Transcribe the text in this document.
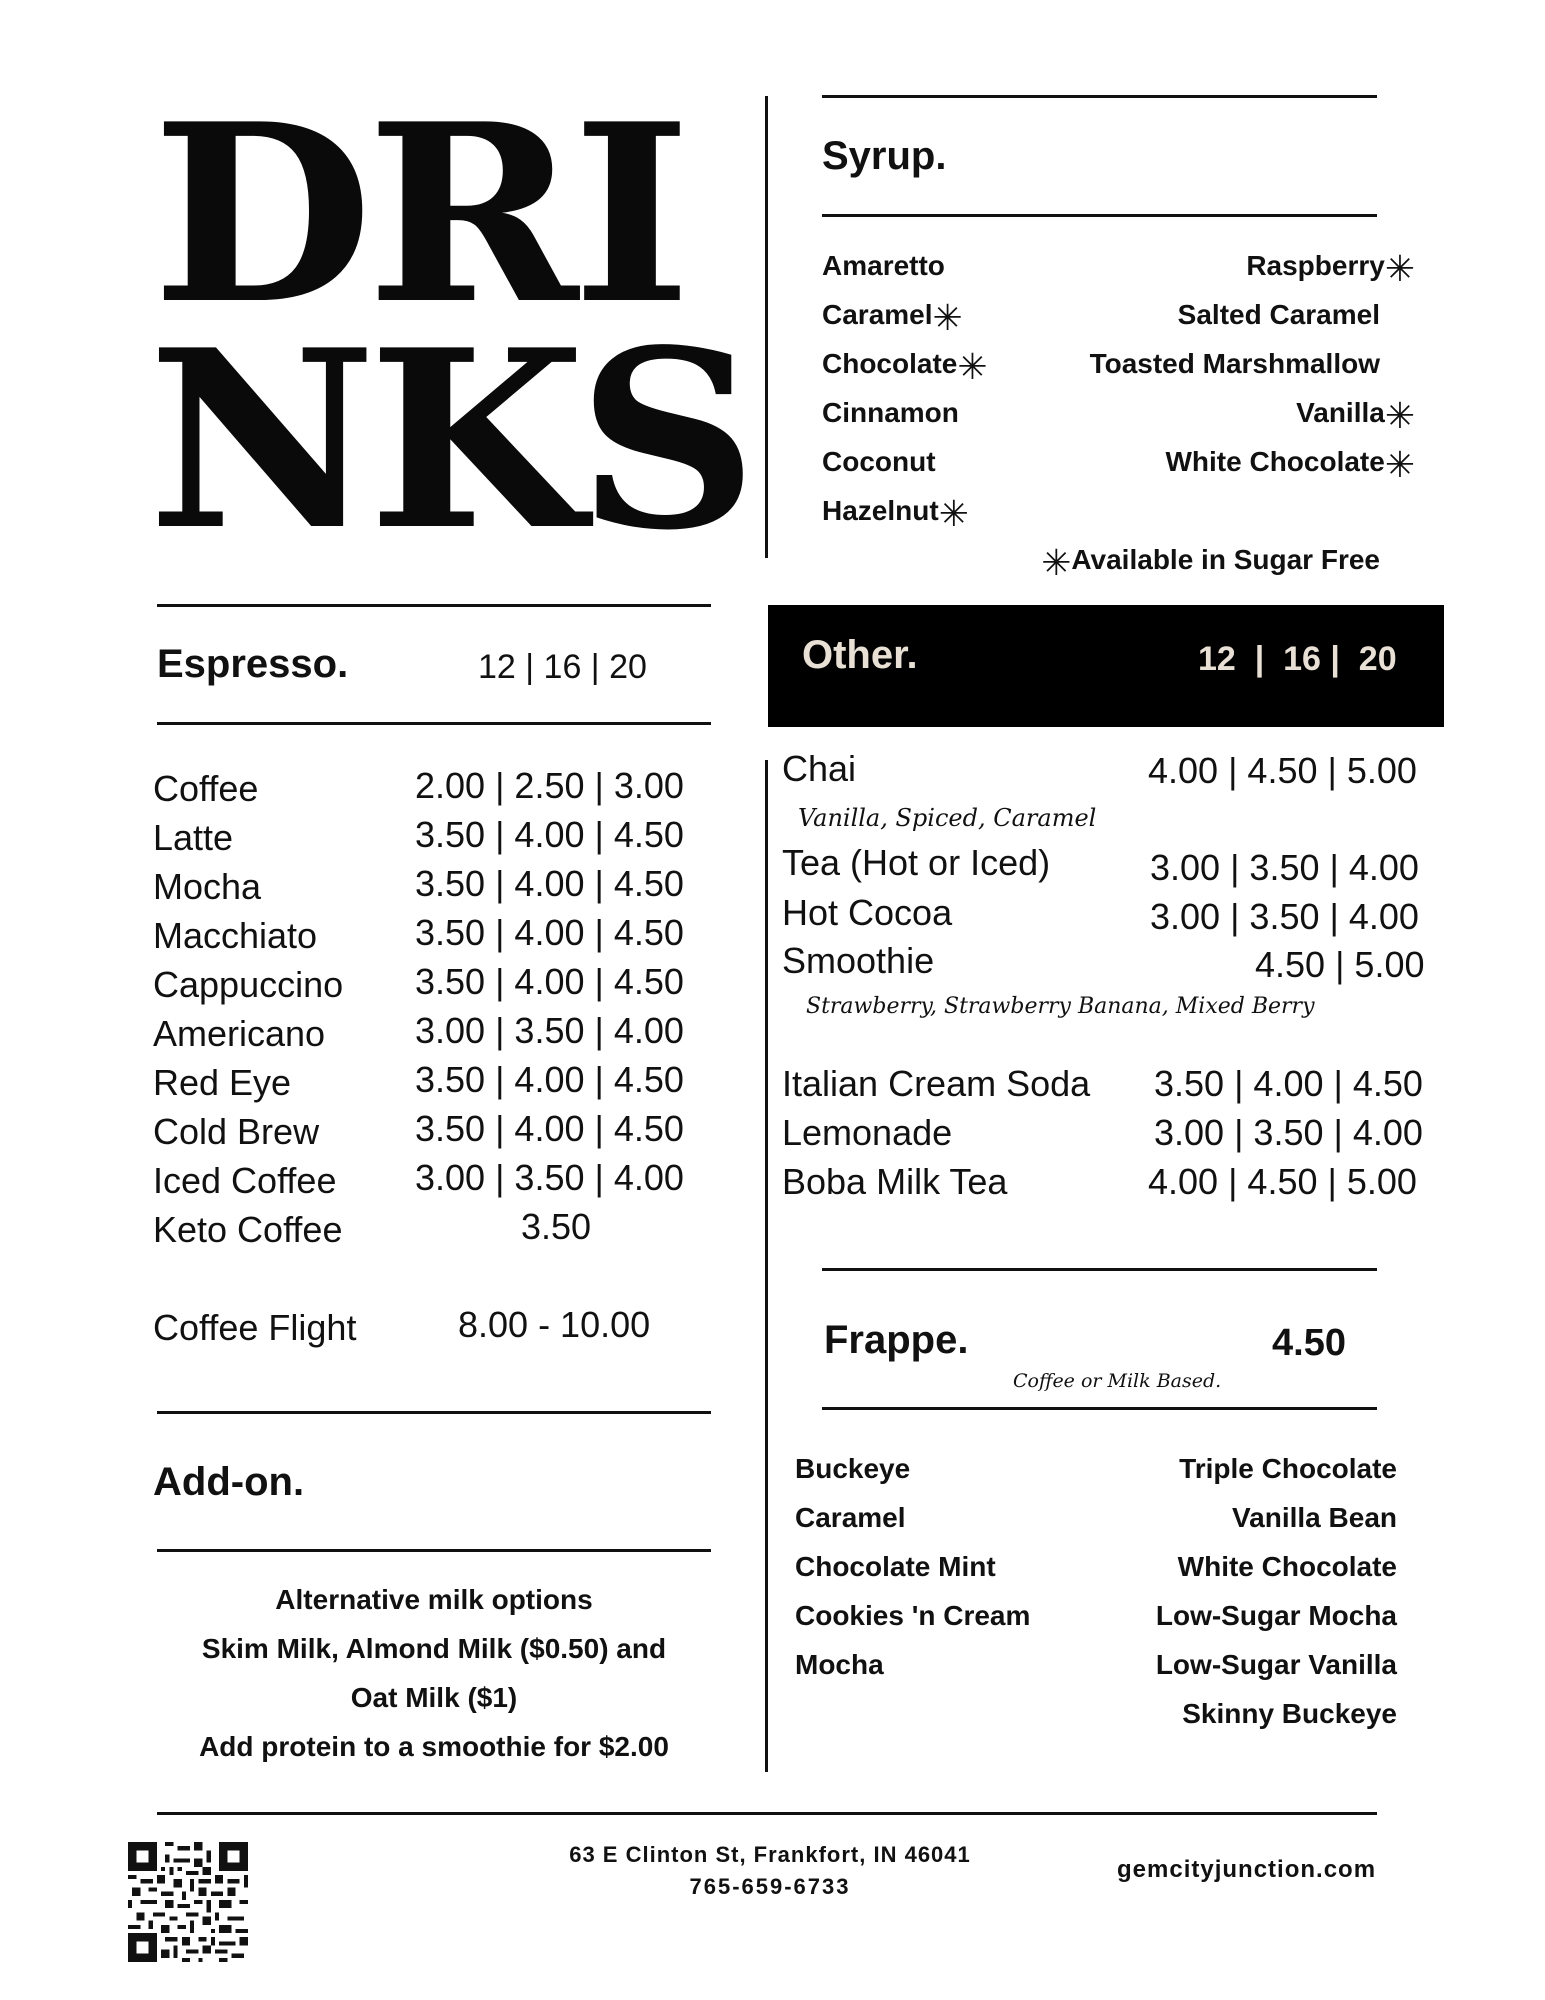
DRI
NKS
Syrup.
Amaretto
Caramel✳
Chocolate✳
Cinnamon
Coconut
Hazelnut✳
Raspberry✳
Salted Caramel
Toasted Marshmallow
Vanilla✳
White Chocolate✳
✳Available in Sugar Free
Espresso.	12 | 16 | 20
Coffee	2.00 | 2.50 | 3.00
Latte	3.50 | 4.00 | 4.50
Mocha	3.50 | 4.00 | 4.50
Macchiato	3.50 | 4.00 | 4.50
Cappuccino 3.50 | 4.00 | 4.50
Americano 3.00 | 3.50 | 4.00
Red Eye	3.50 | 4.00 | 4.50
Cold Brew	3.50 | 4.00 | 4.50
Iced Coffee 3.00 | 3.50 | 4.00
Keto Coffee	3.50
Coffee Flight	8.00 - 10.00
Add-on.
Alternative milk options
Skim Milk, Almond Milk ($0.50) and
Oat Milk ($1)
Add protein to a smoothie for $2.00
Other.	12  |  16 |  20
Chai	4.00 | 4.50 | 5.00
Vanilla, Spiced, Caramel
Tea (Hot or Iced)	3.00 | 3.50 | 4.00
Hot Cocoa	3.00 | 3.50 | 4.00
Smoothie	4.50 | 5.00
Strawberry, Strawberry Banana, Mixed Berry
Italian Cream Soda 3.50 | 4.00 | 4.50
Lemonade	3.00 | 3.50 | 4.00
Boba Milk Tea	4.00 | 4.50 | 5.00
Frappe.	4.50
Coffee or Milk Based.
Buckeye
Caramel
Chocolate Mint
Cookies 'n Cream
Mocha
Triple Chocolate
Vanilla Bean
White Chocolate
Low-Sugar Mocha
Low-Sugar Vanilla
Skinny Buckeye
63 E Clinton St, Frankfort, IN 46041
765-659-6733
gemcityjunction.com
